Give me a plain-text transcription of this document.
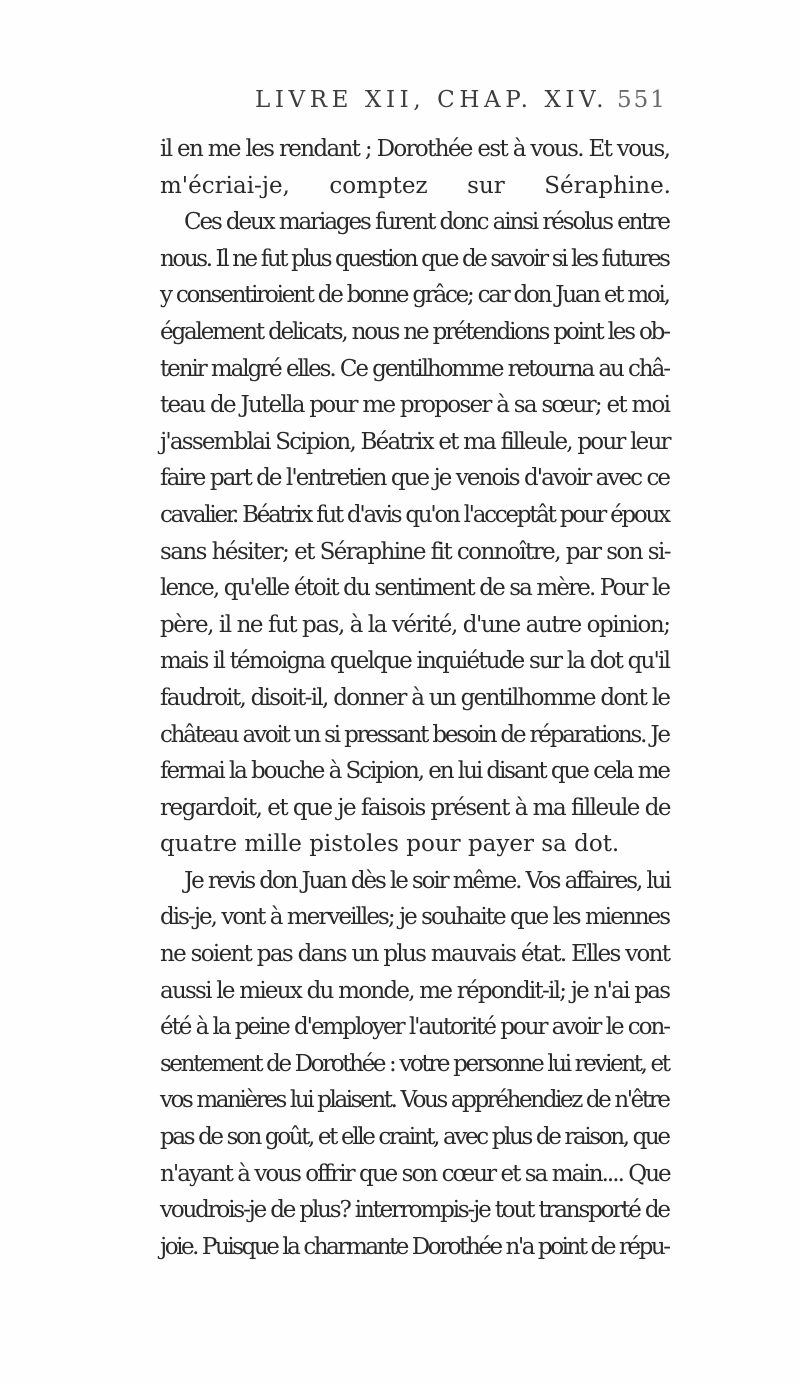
LIVRE XII, CHAP. XIV. 551
il en me les rendant ; Dorothée est à vous. Et vous,
m'écriai-je, comptez sur Séraphine.
Ces deux mariages furent donc ainsi résolus entre
nous. Il ne fut plus question que de savoir si les futures
y consentiroient de bonne grâce; car don Juan et moi,
également delicats, nous ne prétendions point les ob-
tenir malgré elles. Ce gentilhomme retourna au châ-
teau de Jutella pour me proposer à sa sœur; et moi
j'assemblai Scipion, Béatrix et ma filleule, pour leur
faire part de l'entretien que je venois d'avoir avec ce
cavalier. Béatrix fut d'avis qu'on l'acceptât pour époux
sans hésiter; et Séraphine fit connoître, par son si-
lence, qu'elle étoit du sentiment de sa mère. Pour le
père, il ne fut pas, à la vérité, d'une autre opinion;
mais il témoigna quelque inquiétude sur la dot qu'il
faudroit, disoit-il, donner à un gentilhomme dont le
château avoit un si pressant besoin de réparations. Je
fermai la bouche à Scipion, en lui disant que cela me
regardoit, et que je faisois présent à ma filleule de
quatre mille pistoles pour payer sa dot.
Je revis don Juan dès le soir même. Vos affaires, lui
dis-je, vont à merveilles; je souhaite que les miennes
ne soient pas dans un plus mauvais état. Elles vont
aussi le mieux du monde, me répondit-il; je n'ai pas
été à la peine d'employer l'autorité pour avoir le con-
sentement de Dorothée : votre personne lui revient, et
vos manières lui plaisent. Vous appréhendiez de n'être
pas de son goût, et elle craint, avec plus de raison, que
n'ayant à vous offrir que son cœur et sa main.... Que
voudrois-je de plus? interrompis-je tout transporté de
joie. Puisque la charmante Dorothée n'a point de répu-
